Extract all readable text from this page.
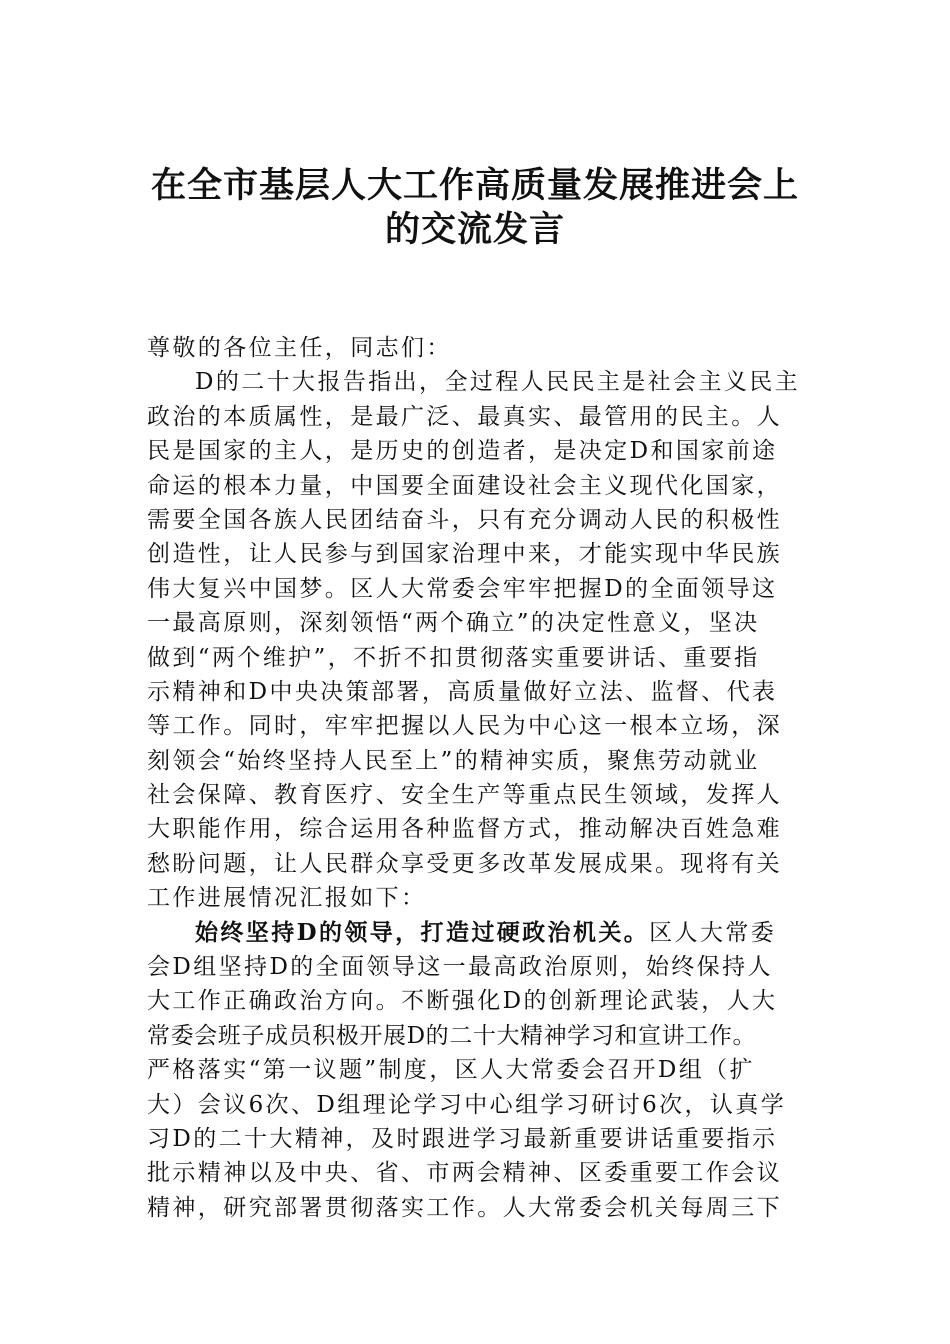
在全市基层人大工作高质量发展推进会上
的交流发言
尊敬的各位主任，同志们：
D的二十大报告指出，全过程人民民主是社会主义民主
政治的本质属性，是最广泛、最真实、最管用的民主。人
民是国家的主人，是历史的创造者，是决定D和国家前途
命运的根本力量，中国要全面建设社会主义现代化国家，
需要全国各族人民团结奋斗，只有充分调动人民的积极性
创造性，让人民参与到国家治理中来，才能实现中华民族
伟大复兴中国梦。区人大常委会牢牢把握D的全面领导这
一最高原则，深刻领悟“两个确立”的决定性意义，坚决
做到“两个维护”，不折不扣贯彻落实重要讲话、重要指
示精神和D中央决策部署，高质量做好立法、监督、代表
等工作。同时，牢牢把握以人民为中心这一根本立场，深
刻领会“始终坚持人民至上”的精神实质，聚焦劳动就业
社会保障、教育医疗、安全生产等重点民生领域，发挥人
大职能作用，综合运用各种监督方式，推动解决百姓急难
愁盼问题，让人民群众享受更多改革发展成果。现将有关
工作进展情况汇报如下：
始终坚持D的领导，打造过硬政治机关。区人大常委
会D组坚持D的全面领导这一最高政治原则，始终保持人
大工作正确政治方向。不断强化D的创新理论武装，人大
常委会班子成员积极开展D的二十大精神学习和宣讲工作。
严格落实“第一议题”制度，区人大常委会召开D组（扩
大）会议6次、D组理论学习中心组学习研讨6次，认真学
习D的二十大精神，及时跟进学习最新重要讲话重要指示
批示精神以及中央、省、市两会精神、区委重要工作会议
精神，研究部署贯彻落实工作。人大常委会机关每周三下
